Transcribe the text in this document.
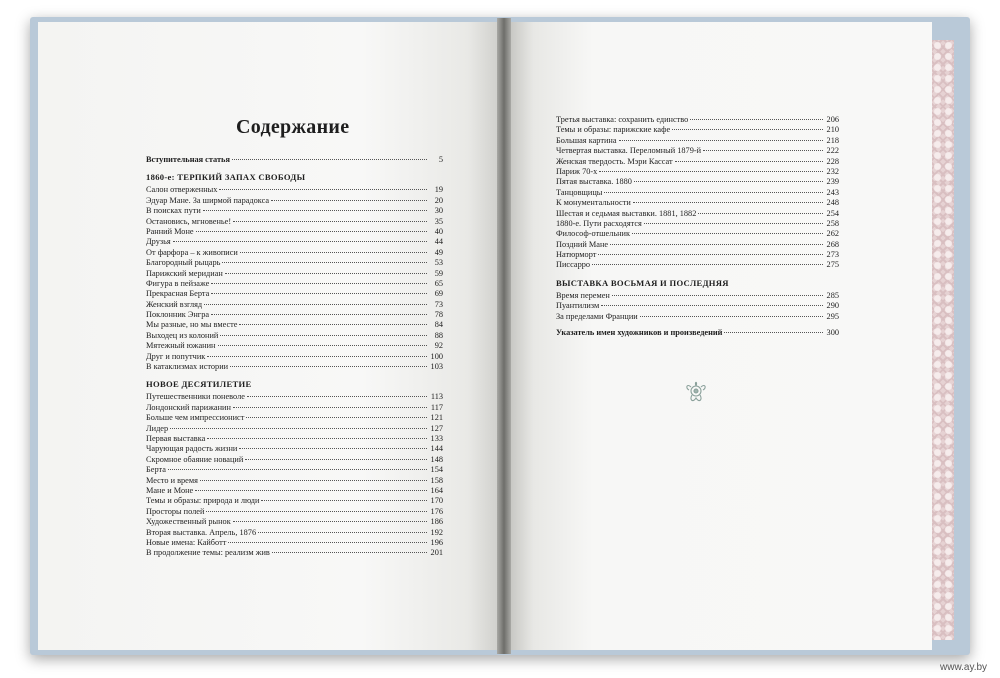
Содержание
Вступительная статья	5
1860-е: ТЕРПКИЙ ЗАПАХ СВОБОДЫ
Салон отверженных	19
Эдуар Мане. За ширмой парадокса	20
В поисках пути	30
Остановись, мгновенье!	35
Ранний Моне	40
Друзья	44
От фарфора – к живописи	49
Благородный рыцарь	53
Парижский меридиан	59
Фигура в пейзаже	65
Прекрасная Берта	69
Женский взгляд	73
Поклонник Энгра	78
Мы разные, но мы вместе	84
Выходец из колоний	88
Мятежный южанин	92
Друг и попутчик	100
В катаклизмах истории	103
НОВОЕ ДЕСЯТИЛЕТИЕ
Путешественники поневоле	113
Лондонский парижанин	117
Больше чем импрессионист	121
Лидер	127
Первая выставка	133
Чарующая радость жизни	144
Скромное обаяние новаций	148
Берта	154
Место и время	158
Мане и Моне	164
Темы и образы: природа и люди	170
Просторы полей	176
Художественный рынок	186
Вторая выставка. Апрель, 1876	192
Новые имена: Кайботт	196
В продолжение темы: реализм жив	201
Третья выставка: сохранить единство	206
Темы и образы: парижские кафе	210
Большая картина	218
Четвертая выставка. Переломный 1879-й	222
Женская твердость. Мэри Кассат	228
Париж 70-х	232
Пятая выставка. 1880	239
Танцовщицы	243
К монументальности	248
Шестая и седьмая выставки. 1881, 1882	254
1880-е. Пути расходятся	258
Философ-отшельник	262
Поздний Мане	268
Натюрморт	273
Писсарро	275
ВЫСТАВКА ВОСЬМАЯ И ПОСЛЕДНЯЯ
Время перемен	285
Пуантилизм	290
За пределами Франции	295
Указатель имен художников и произведений	300
www.ay.by
